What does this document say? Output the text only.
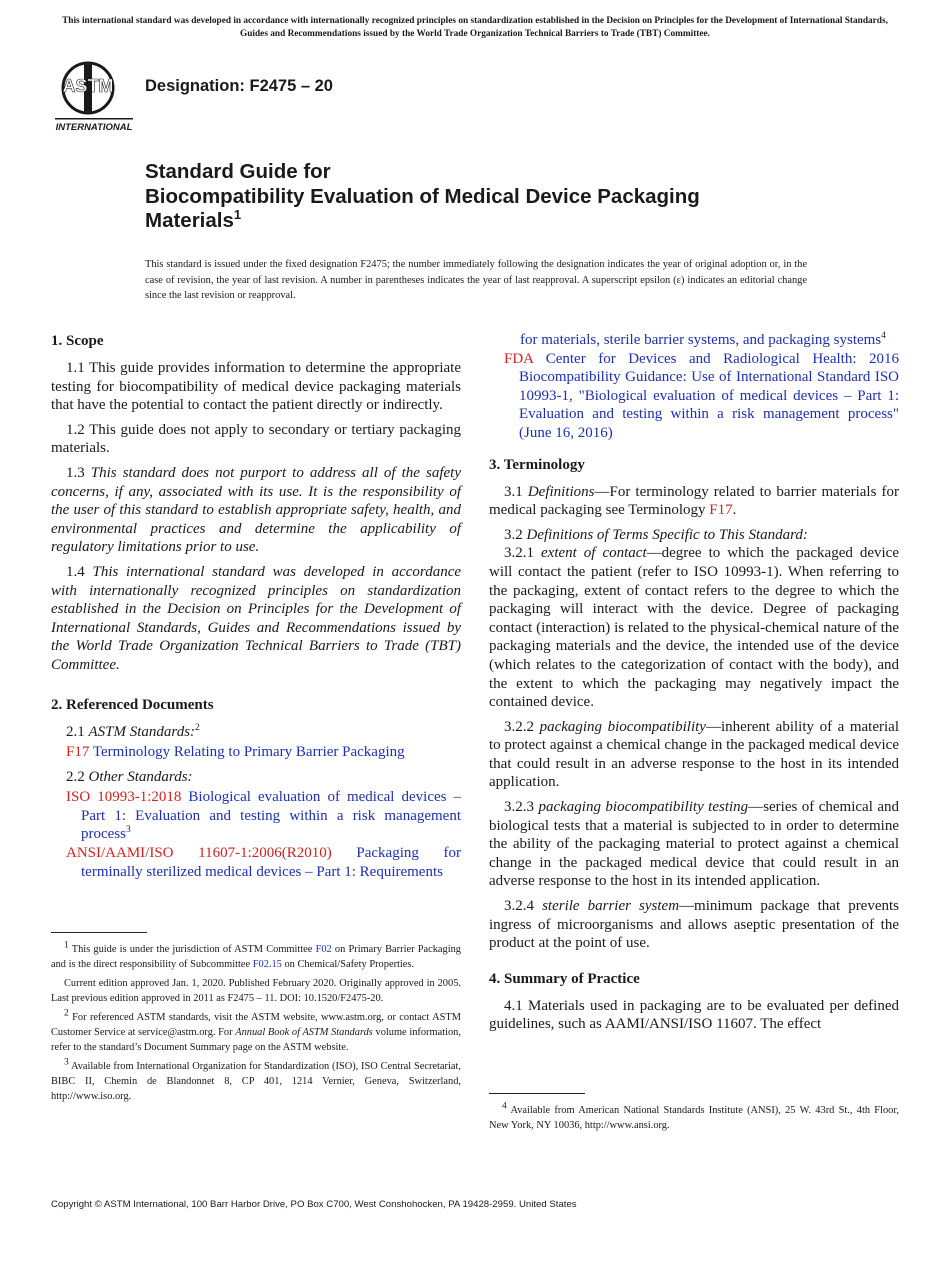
This international standard was developed in accordance with internationally recognized principles on standardization established in the Decision on Principles for the Development of International Standards, Guides and Recommendations issued by the World Trade Organization Technical Barriers to Trade (TBT) Committee.
ASTM
INTERNATIONAL
Designation: F2475 – 20
Standard Guide for
Biocompatibility Evaluation of Medical Device Packaging
Materials$^1$
This standard is issued under the fixed designation F2475; the number immediately following the designation indicates the year of original adoption or, in the case of revision, the year of last revision. A number in parentheses indicates the year of last reapproval. A superscript epsilon (ε) indicates an editorial change since the last revision or reapproval.
1. Scope

1.1 This guide provides information to determine the appropriate testing for biocompatibility of medical device packaging materials that have the potential to contact the patient directly or indirectly.

1.2 This guide does not apply to secondary or tertiary packaging materials.

1.3 This standard does not purport to address all of the safety concerns, if any, associated with its use. It is the responsibility of the user of this standard to establish appropriate safety, health, and environmental practices and determine the applicability of regulatory limitations prior to use.

1.4 This international standard was developed in accordance with internationally recognized principles on standardization established in the Decision on Principles for the Development of International Standards, Guides and Recommendations issued by the World Trade Organization Technical Barriers to Trade (TBT) Committee.

2. Referenced Documents

2.1 ASTM Standards:$^2$

F17 Terminology Relating to Primary Barrier Packaging

2.2 Other Standards:

ISO 10993-1:2018 Biological evaluation of medical devices – Part 1: Evaluation and testing within a risk management process$^3$
ANSI/AAMI/ISO 11607-1:2006(R2010) Packaging for terminally sterilized medical devices – Part 1: Requirements

$^1$ This guide is under the jurisdiction of ASTM Committee F02 on Primary Barrier Packaging and is the direct responsibility of Subcommittee F02.15 on Chemical/Safety Properties.

Current edition approved Jan. 1, 2020. Published February 2020. Originally approved in 2005. Last previous edition approved in 2011 as F2475 – 11. DOI: 10.1520/F2475-20.

$^2$ For referenced ASTM standards, visit the ASTM website, www.astm.org, or contact ASTM Customer Service at service@astm.org. For Annual Book of ASTM Standards volume information, refer to the standard’s Document Summary page on the ASTM website.

$^3$ Available from International Organization for Standardization (ISO), ISO Central Secretariat, BIBC II, Chemin de Blandonnet 8, CP 401, 1214 Vernier, Geneva, Switzerland, http://www.iso.org.

for materials, sterile barrier systems, and packaging systems$^4$
FDA Center for Devices and Radiological Health: 2016 Biocompatibility Guidance: Use of International Standard ISO 10993-1, "Biological evaluation of medical devices – Part 1: Evaluation and testing within a risk management process" (June 16, 2016)
3. Terminology

3.1 Definitions—For terminology related to barrier materials for medical packaging see Terminology F17.

3.2 Definitions of Terms Specific to This Standard:

3.2.1 extent of contact—degree to which the packaged device will contact the patient (refer to ISO 10993-1). When referring to the packaging, extent of contact refers to the degree to which the packaging will interact with the device. Degree of packaging contact (interaction) is related to the physical-chemical nature of the packaging materials and the device, the intended use of the device (which relates to the categorization of contact with the body), and the extent to which the packaging may negatively impact the contained device.

3.2.2 packaging biocompatibility—inherent ability of a material to protect against a chemical change in the packaged medical device that could result in an adverse response to the host in its intended application.

3.2.3 packaging biocompatibility testing—series of chemical and biological tests that a material is subjected to in order to determine the ability of the packaging material to protect against a chemical change in the packaged medical device that could result in an adverse response to the host in its intended application.

3.2.4 sterile barrier system—minimum package that prevents ingress of microorganisms and allows aseptic presentation of the product at the point of use.

4. Summary of Practice

4.1 Materials used in packaging are to be evaluated per defined guidelines, such as AAMI/ANSI/ISO 11607. The effect

$^4$ Available from American National Standards Institute (ANSI), 25 W. 43rd St., 4th Floor, New York, NY 10036, http://www.ansi.org.

Copyright © ASTM International, 100 Barr Harbor Drive, PO Box C700, West Conshohocken, PA 19428-2959. United States
